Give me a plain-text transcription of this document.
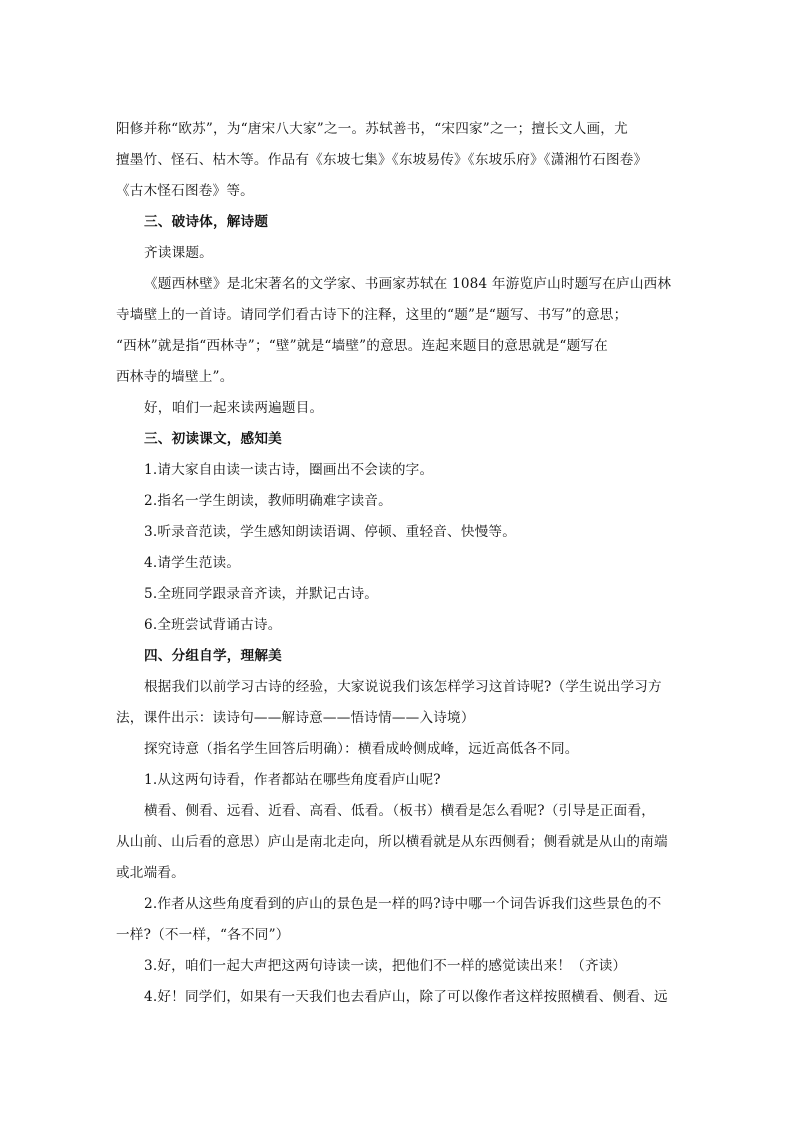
阳修并称“欧苏”，为“唐宋八大家”之一。苏轼善书，“宋四家”之一；擅长文人画，尤

擅墨竹、怪石、枯木等。作品有《东坡七集》《东坡易传》《东坡乐府》《潇湘竹石图卷》

《古木怪石图卷》等。

三、破诗体，解诗题

齐读课题。

《题西林壁》是北宋著名的文学家、书画家苏轼在 1084 年游览庐山时题写在庐山西林

寺墙壁上的一首诗。请同学们看古诗下的注释，这里的“题”是“题写、书写”的意思；

“西林”就是指“西林寺”；“壁”就是“墙壁”的意思。连起来题目的意思就是“题写在

西林寺的墙壁上”。

好，咱们一起来读两遍题目。

三、初读课文，感知美

1.请大家自由读一读古诗，圈画出不会读的字。

2.指名一学生朗读，教师明确难字读音。

3.听录音范读，学生感知朗读语调、停顿、重轻音、快慢等。

4.请学生范读。

5.全班同学跟录音齐读，并默记古诗。

6.全班尝试背诵古诗。

四、分组自学，理解美

根据我们以前学习古诗的经验，大家说说我们该怎样学习这首诗呢?（学生说出学习方

法，课件出示：读诗句——解诗意——悟诗情——入诗境）

探究诗意（指名学生回答后明确）：横看成岭侧成峰，远近高低各不同。

1.从这两句诗看，作者都站在哪些角度看庐山呢?

横看、侧看、远看、近看、高看、低看。（板书）横看是怎么看呢?（引导是正面看，

从山前、山后看的意思）庐山是南北走向，所以横看就是从东西侧看；侧看就是从山的南端

或北端看。

2.作者从这些角度看到的庐山的景色是一样的吗?诗中哪一个词告诉我们这些景色的不

一样?（不一样，“各不同”）

3.好，咱们一起大声把这两句诗读一读，把他们不一样的感觉读出来！（齐读）

4.好！同学们，如果有一天我们也去看庐山，除了可以像作者这样按照横看、侧看、远
